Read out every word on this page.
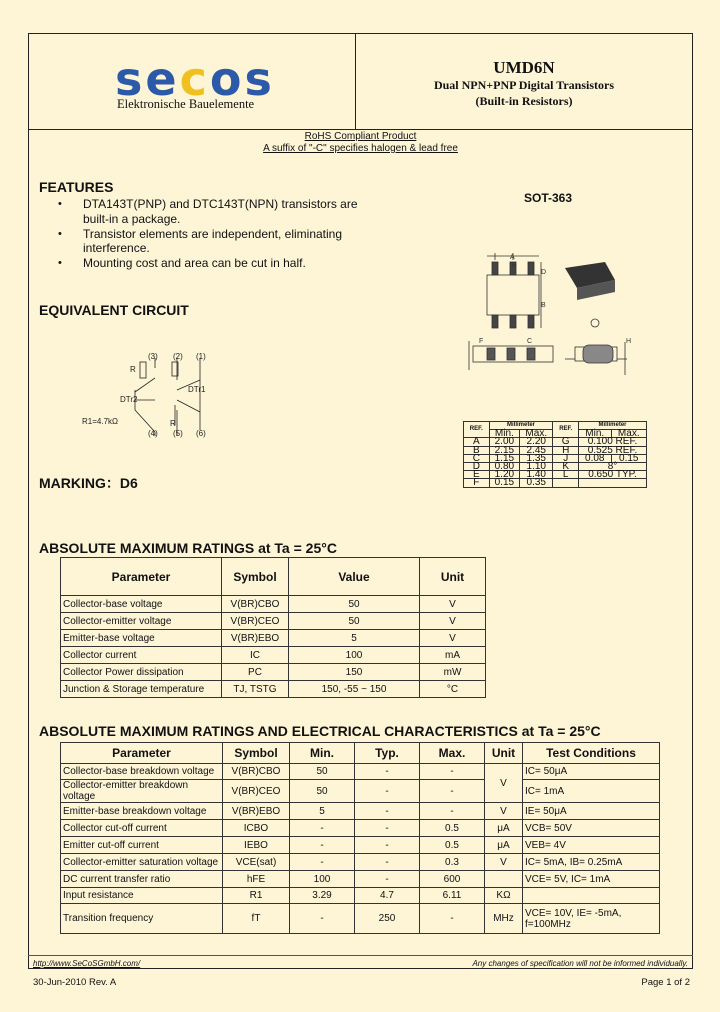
secos
Elektronische Bauelemente
UMD6N
Dual NPN+PNP Digital Transistors
(Built-in Resistors)
RoHS Compliant Product
A suffix of "-C" specifies halogen & lead free
FEATURES
• DTA143T(PNP) and DTC143T(NPN) transistors are built-in a package.
• Transistor elements are independent, eliminating interference.
• Mounting cost and area can be cut in half.
SOT-363
A
E
D
B
F	C	H
REF.	Millimeter		REF.	Millimeter	
	Min.	Max.		Min.	Max.
A	2.00	2.20	G	0.100 REF.	
B	2.15	2.45	H	0.525 REF.	
C	1.15	1.35	J	0.08	0.15
D	0.80	1.10	K	8°	
E	1.20	1.40	L	0.650 TYP.	
F	0.15	0.35			
EQUIVALENT CIRCUIT
(3) (2) (1)
(4) (5) (6)
R
R
DTr2
DTr1
R1=4.7kΩ
MARKING：D6
ABSOLUTE MAXIMUM RATINGS at Ta = 25°C
Parameter	Symbol	Value	Unit
Collector-base voltage	V(BR)CBO	50	V
Collector-emitter voltage	V(BR)CEO	50	V
Emitter-base voltage	V(BR)EBO	5	V
Collector current	IC	100	mA
Collector Power dissipation	PC	150	mW
Junction & Storage temperature	TJ, TSTG	150, -55 ~ 150	°C
ABSOLUTE MAXIMUM RATINGS AND ELECTRICAL CHARACTERISTICS at Ta = 25°C
Parameter	Symbol	Min.	Typ.	Max.	Unit	Test Conditions
Collector-base breakdown voltage	V(BR)CBO	50	-	-	V	IC= 50μA
Collector-emitter breakdown voltage	V(BR)CEO	50	-	-		IC= 1mA
Emitter-base breakdown voltage	V(BR)EBO	5	-	-	V	IE= 50μA
Collector cut-off current	ICBO	-	-	0.5	μA	VCB= 50V
Emitter cut-off current	IEBO	-	-	0.5	μA	VEB= 4V
Collector-emitter saturation voltage	VCE(sat)	-	-	0.3	V	IC= 5mA, IB= 0.25mA
DC current transfer ratio	hFE	100	-	600		VCE= 5V, IC= 1mA
Input resistance	R1	3.29	4.7	6.11	KΩ	
Transition frequency	fT	-	250	-	MHz	VCE= 10V, IE= -5mA, f=100MHz
http://www.SeCoSGmbH.com/	Any changes of specification will not be informed individually.
30-Jun-2010 Rev. A	Page 1 of 2
